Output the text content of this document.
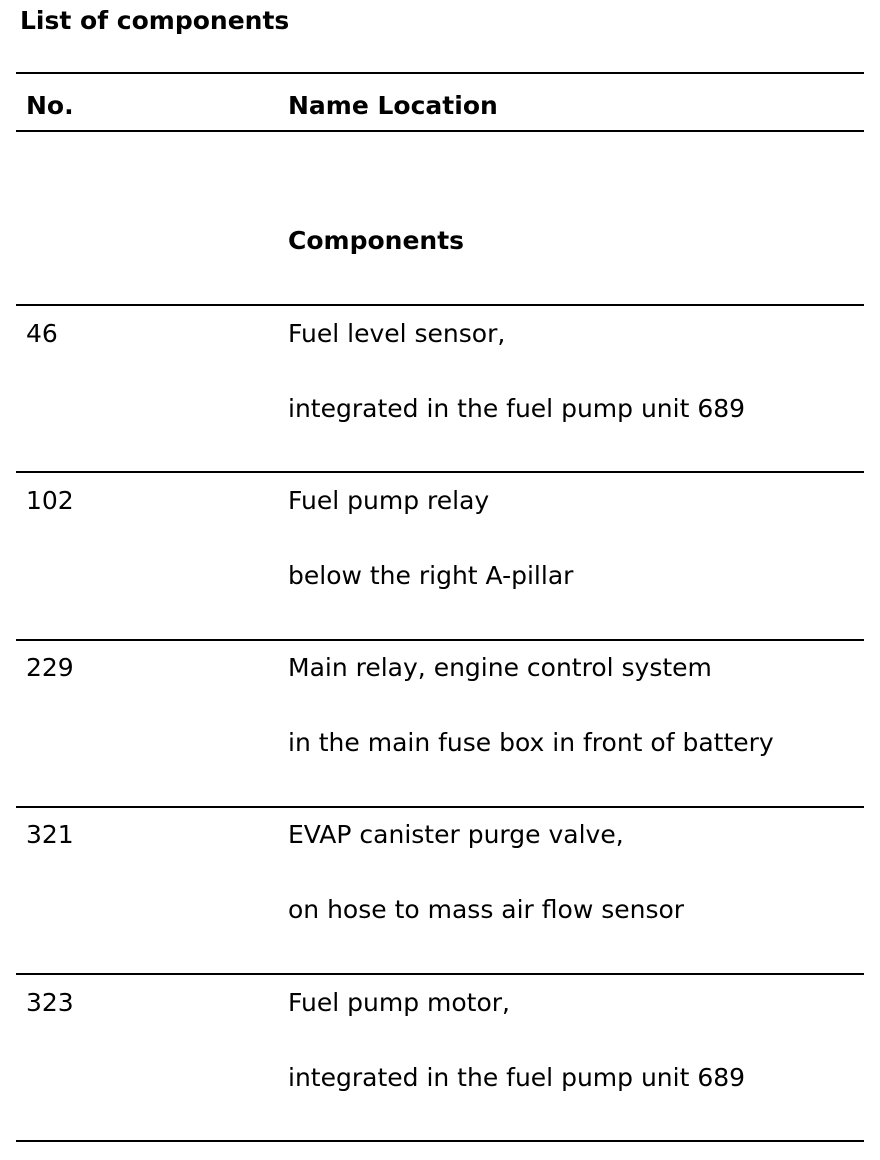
List of components
No.	Name Location
Components
46	Fuel level sensor,
integrated in the fuel pump unit 689
102	Fuel pump relay
below the right A-pillar
229	Main relay, engine control system
in the main fuse box in front of battery
321	EVAP canister purge valve,
on hose to mass air flow sensor
323	Fuel pump motor,
integrated in the fuel pump unit 689
